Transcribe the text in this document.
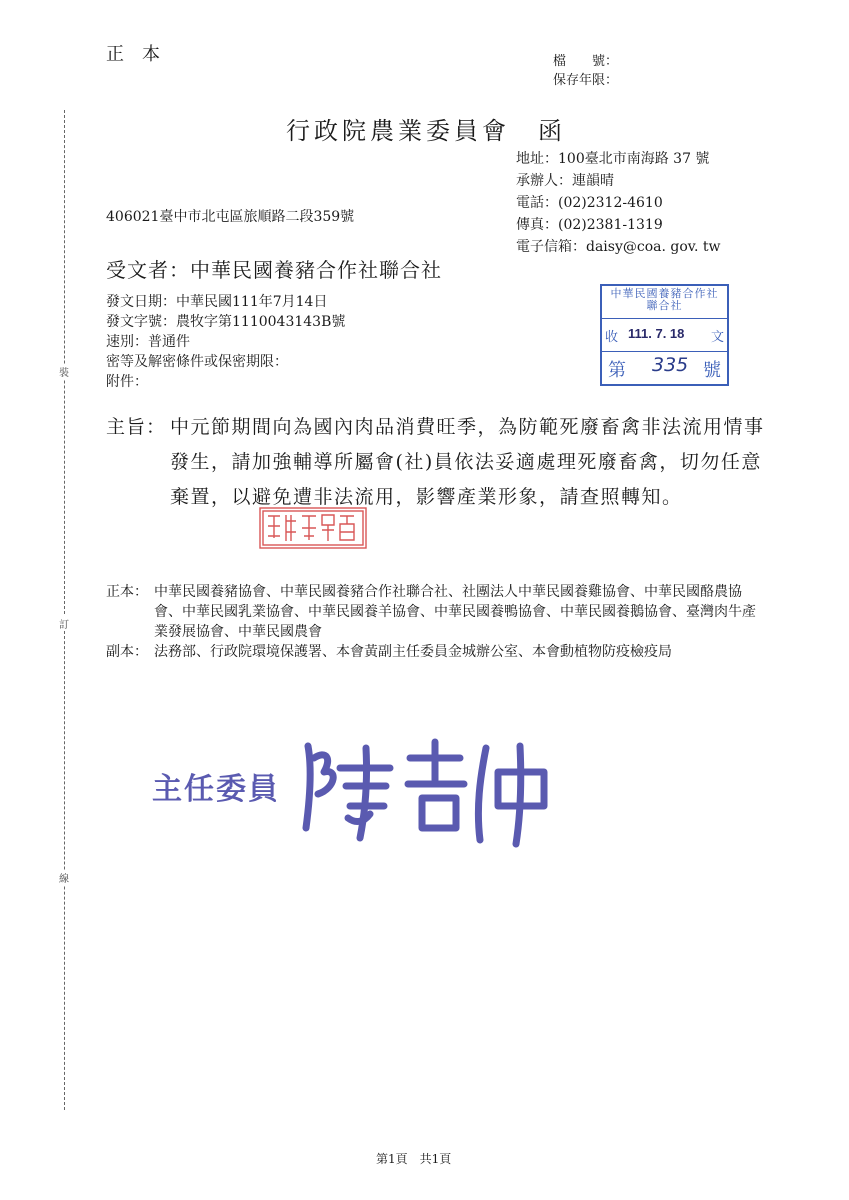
裝
訂
線
正本	檔　　號：
保存年限：
行政院農業委員會　函
地址：100臺北市南海路 37 號
承辦人：連韻晴
電話：(02)2312-4610
傳真：(02)2381-1319
電子信箱：daisy@coa. gov. tw
406021臺中市北屯區旅順路二段359號
受文者：中華民國養豬合作社聯合社
發文日期：中華民國111年7月14日
發文字號：農牧字第1110043143B號
速別：普通件
密等及解密條件或保密期限：
附件：
中華民國養豬合作社聯合社
收 111. 7. 18 文
第 335 號
主旨： 中元節期間向為國內肉品消費旺季，為防範死廢畜禽非法流用情事發生，請加強輔導所屬會(社)員依法妥適處理死廢畜禽，切勿任意棄置，以避免遭非法流用，影響產業形象，請查照轉知。
正本： 中華民國養豬協會、中華民國養豬合作社聯合社、社團法人中華民國養雞協會、中華民國酪農協會、中華民國乳業協會、中華民國養羊協會、中華民國養鴨協會、中華民國養鵝協會、臺灣肉牛產業發展協會、中華民國農會
副本： 法務部、行政院環境保護署、本會黃副主任委員金城辦公室、本會動植物防疫檢疫局
主任委員
第1頁　共1頁
